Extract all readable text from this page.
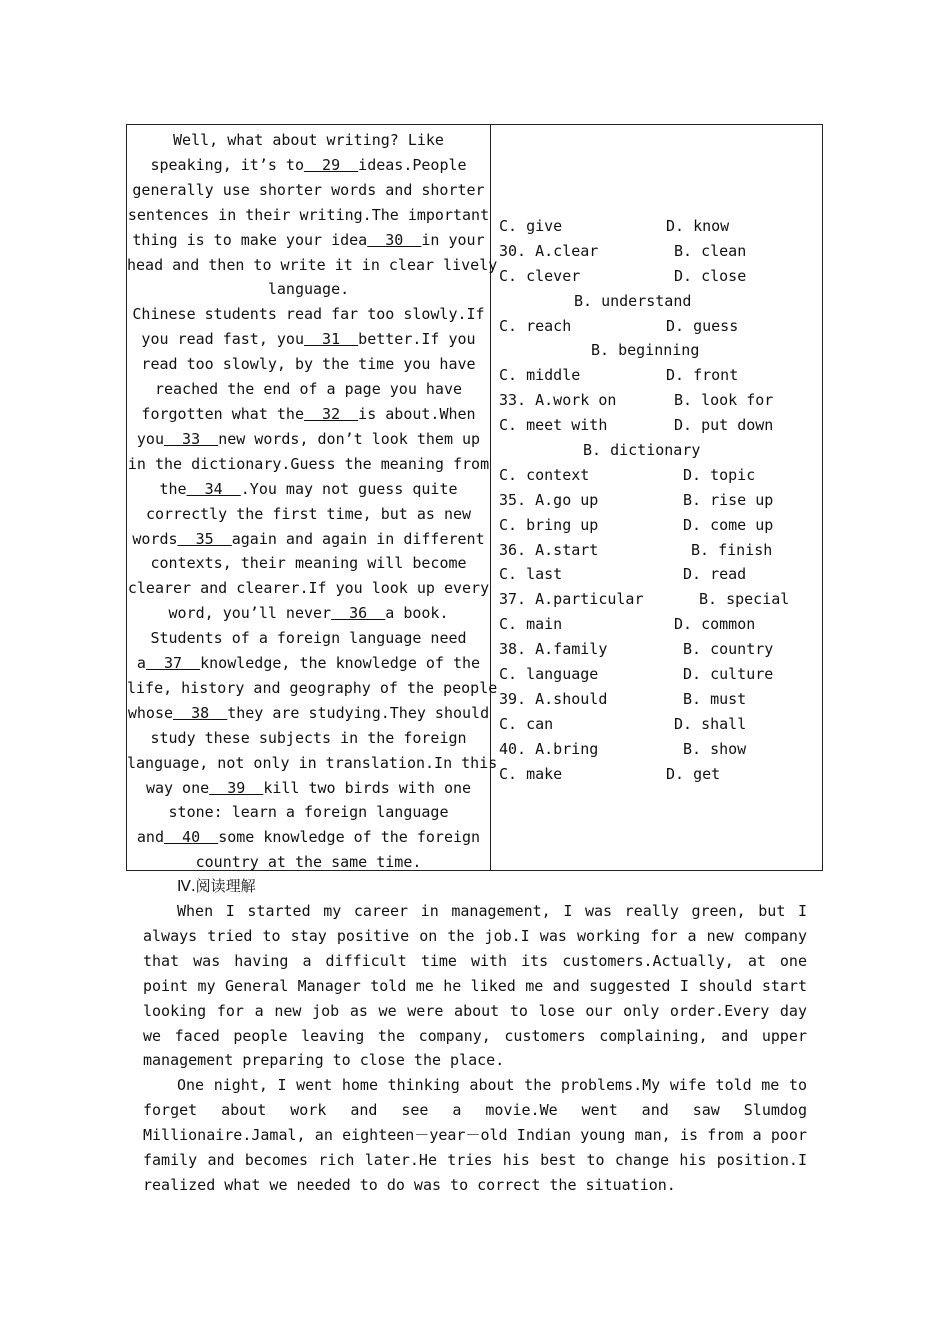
Well, what about writing? Like
speaking, it’s to  29  ideas.People
generally use shorter words and shorter
sentences in their writing.The important
thing is to make your idea  30  in your
head and then to write it in clear lively
language.
Chinese students read far too slowly.If
you read fast, you  31  better.If you
read too slowly, by the time you have
reached the end of a page you have
forgotten what the  32  is about.When
you  33  new words, don’t look them up
in the dictionary.Guess the meaning from
the  34  .You may not guess quite
correctly the first time, but as new
words  35  again and again in different
contexts, their meaning will become
clearer and clearer.If you look up every
word, you’ll never  36  a book.
Students of a foreign language need
a  37  knowledge, the knowledge of the
life, history and geography of the people
whose  38  they are studying.They should
study these subjects in the foreign
language, not only in translation.In this
way one  39  kill two birds with one
stone: learn a foreign language
and  40  some knowledge of the foreign
country at the same time.
C. give	D. know
30. A.clear	B. clean
C. clever	D. close
B. understand
C. reach	D. guess
B. beginning
C. middle	D. front
33. A.work on	B. look for
C. meet with	D. put down
B. dictionary
C. context	D. topic
35. A.go up	B. rise up
C. bring up	D. come up
36. A.start	B. finish
C. last	D. read
37. A.particular	B. special
C. main	D. common
38. A.family	B. country
C. language	D. culture
39. A.should	B. must
C. can	D. shall
40. A.bring	B. show
C. make	D. get
Ⅳ.阅读理解

When I started my career in management, I was really green, but I always tried to stay positive on the job.I was working for a new company that was having a difficult time with its customers.Actually, at one point my General Manager told me he liked me and suggested I should start looking for a new job as we were about to lose our only order.Every day we faced people leaving the company, customers complaining, and upper management preparing to close the place.

One night, I went home thinking about the problems.My wife told me to forget about work and see a movie.We went and saw Slumdog Millionaire.Jamal, an eighteen－year－old Indian young man, is from a poor family and becomes rich later.He tries his best to change his position.I realized what we needed to do was to correct the situation.
